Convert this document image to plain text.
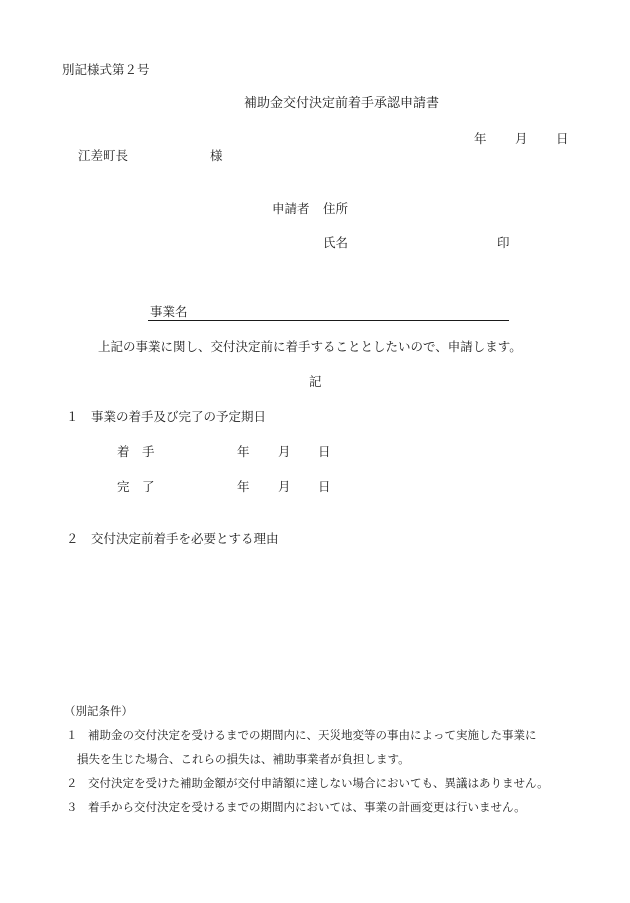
別記様式第２号
補助金交付決定前着手承認申請書
年 月 日
江差町長	様
申請者 住所
氏名	印
事業名
上記の事業に関し、交付決定前に着手することとしたいので、申請します。
記
１ 事業の着手及び完了の予定期日
着　手	年 月 日
完　了	年 月 日
２ 交付決定前着手を必要とする理由
（別記条件）
１ 補助金の交付決定を受けるまでの期間内に、天災地変等の事由によって実施した事業に
損失を生じた場合、これらの損失は、補助事業者が負担します。
２ 交付決定を受けた補助金額が交付申請額に達しない場合においても、異議はありません。
３ 着手から交付決定を受けるまでの期間内においては、事業の計画変更は行いません。
